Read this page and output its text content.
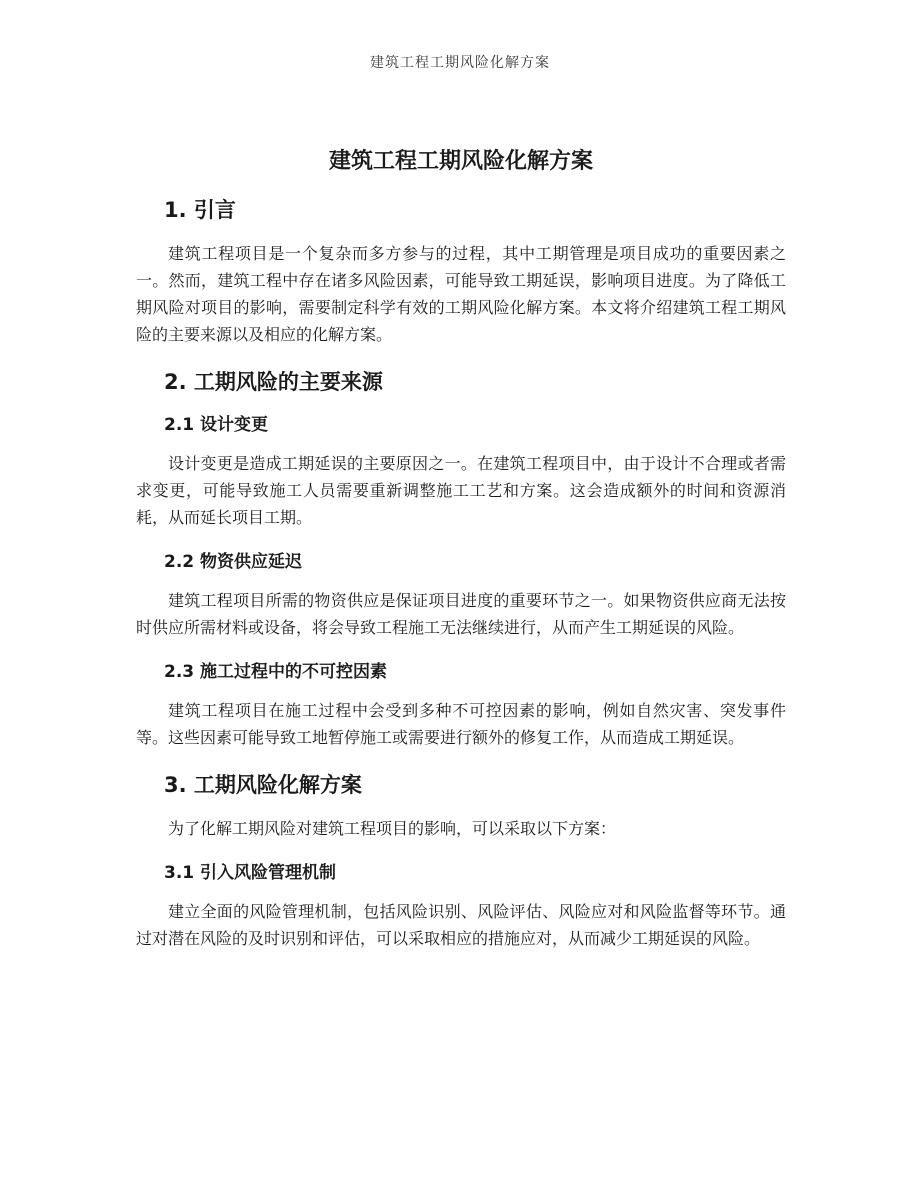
建筑工程工期风险化解方案
建筑工程工期风险化解方案
1. 引言

建筑工程项目是一个复杂而多方参与的过程，其中工期管理是项目成功的重要因素之一。然而，建筑工程中存在诸多风险因素，可能导致工期延误，影响项目进度。为了降低工期风险对项目的影响，需要制定科学有效的工期风险化解方案。本文将介绍建筑工程工期风险的主要来源以及相应的化解方案。

2. 工期风险的主要来源
2.1 设计变更

设计变更是造成工期延误的主要原因之一。在建筑工程项目中，由于设计不合理或者需求变更，可能导致施工人员需要重新调整施工工艺和方案。这会造成额外的时间和资源消耗，从而延长项目工期。

2.2 物资供应延迟

建筑工程项目所需的物资供应是保证项目进度的重要环节之一。如果物资供应商无法按时供应所需材料或设备，将会导致工程施工无法继续进行，从而产生工期延误的风险。

2.3 施工过程中的不可控因素

建筑工程项目在施工过程中会受到多种不可控因素的影响，例如自然灾害、突发事件等。这些因素可能导致工地暂停施工或需要进行额外的修复工作，从而造成工期延误。

3. 工期风险化解方案

为了化解工期风险对建筑工程项目的影响，可以采取以下方案：

3.1 引入风险管理机制

建立全面的风险管理机制，包括风险识别、风险评估、风险应对和风险监督等环节。通过对潜在风险的及时识别和评估，可以采取相应的措施应对，从而减少工期延误的风险。
